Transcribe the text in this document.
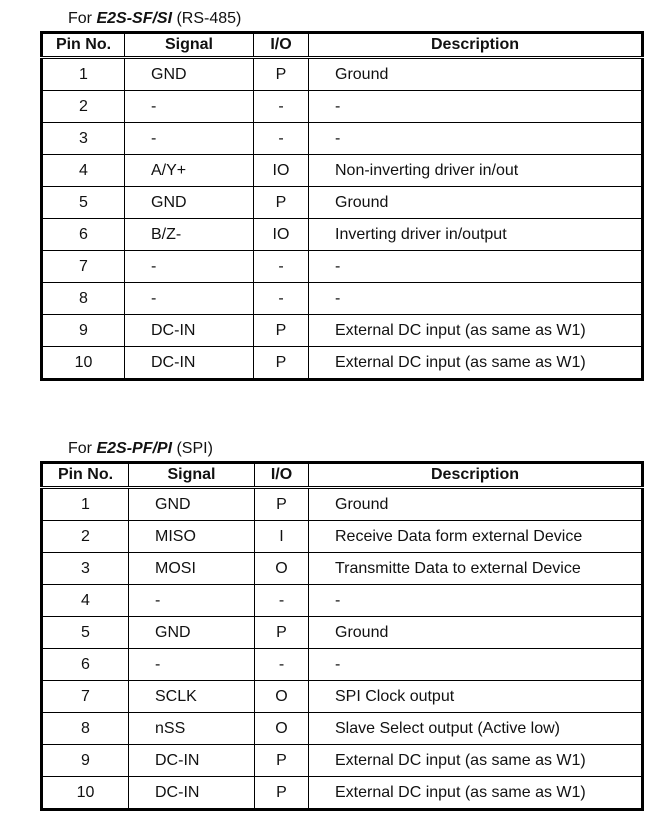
For E2S-SF/SI (RS-485)
Pin No.	Signal	I/O	Description
1	GND	P	Ground
2	-	-	-
3	-	-	-
4	A/Y+	IO	Non-inverting driver in/out
5	GND	P	Ground
6	B/Z-	IO	Inverting driver in/output
7	-	-	-
8	-	-	-
9	DC-IN	P	External DC input (as same as W1)
10	DC-IN	P	External DC input (as same as W1)
For E2S-PF/PI (SPI)
Pin No.	Signal	I/O	Description
1	GND	P	Ground
2	MISO	I	Receive Data form external Device
3	MOSI	O	Transmitte Data to external Device
4	-	-	-
5	GND	P	Ground
6	-	-	-
7	SCLK	O	SPI Clock output
8	nSS	O	Slave Select output (Active low)
9	DC-IN	P	External DC input (as same as W1)
10	DC-IN	P	External DC input (as same as W1)
